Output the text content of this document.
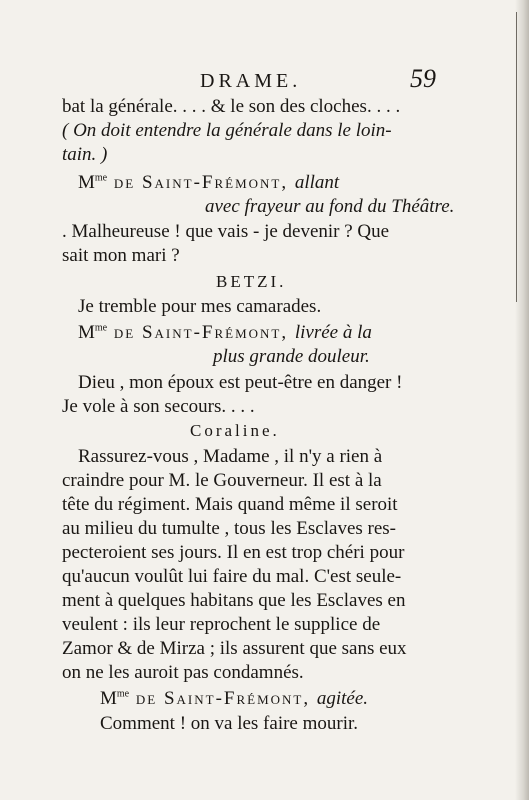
DRAME.	59
bat la générale. . . . & le son des cloches. . . .
( On doit entendre la générale dans le loin-
tain. )
$M^{me}$ de Saint-Frémont, allant
avec frayeur au fond du Théâtre.
. Malheureuse ! que vais - je devenir ? Que
sait mon mari ?
BETZI.
Je tremble pour mes camarades.
$M^{me}$ de Saint-Frémont, livrée à la
plus grande douleur.
Dieu , mon époux est peut-être en danger !
Je vole à son secours. . . .
Coraline.
Rassurez-vous , Madame , il n'y a rien à
craindre pour M. le Gouverneur. Il est à la
tête du régiment. Mais quand même il seroit
au milieu du tumulte , tous les Esclaves res-
pecteroient ses jours. Il en est trop chéri pour
qu'aucun voulût lui faire du mal. C'est seule-
ment à quelques habitans que les Esclaves en
veulent : ils leur reprochent le supplice de
Zamor & de Mirza ; ils assurent que sans eux
on ne les auroit pas condamnés.
$M^{me}$ de Saint-Frémont, agitée.
Comment ! on va les faire mourir.
